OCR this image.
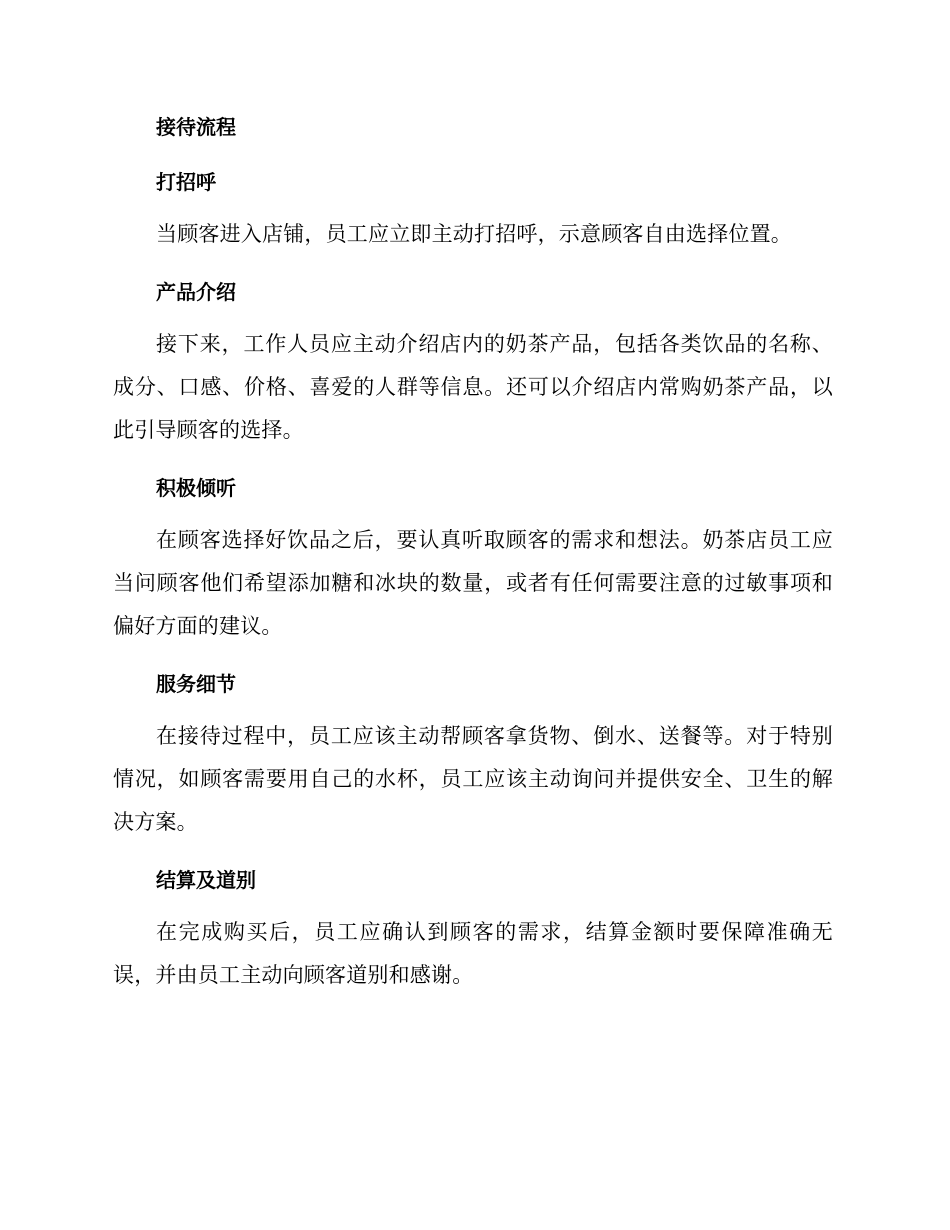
接待流程
打招呼

当顾客进入店铺，员工应立即主动打招呼，示意顾客自由选择位置。

产品介绍

接下来，工作人员应主动介绍店内的奶茶产品，包括各类饮品的名称、成分、口感、价格、喜爱的人群等信息。还可以介绍店内常购奶茶产品，以此引导顾客的选择。

积极倾听

在顾客选择好饮品之后，要认真听取顾客的需求和想法。奶茶店员工应当问顾客他们希望添加糖和冰块的数量，或者有任何需要注意的过敏事项和偏好方面的建议。

服务细节

在接待过程中，员工应该主动帮顾客拿货物、倒水、送餐等。对于特别情况，如顾客需要用自己的水杯，员工应该主动询问并提供安全、卫生的解决方案。

结算及道别

在完成购买后，员工应确认到顾客的需求，结算金额时要保障准确无误，并由员工主动向顾客道别和感谢。
